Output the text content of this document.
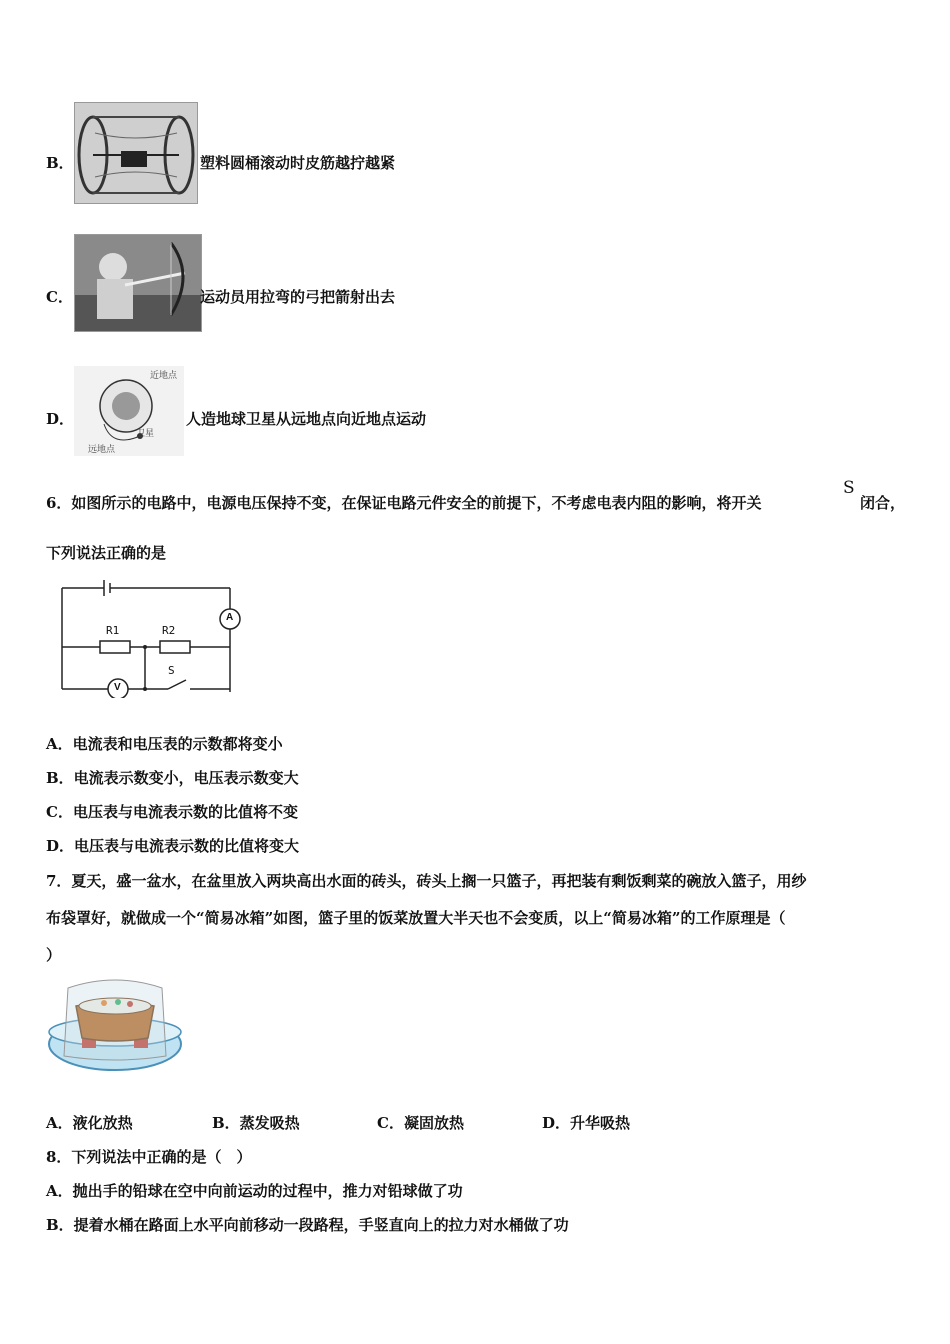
B．	塑料圆桶滚动时皮筋越拧越紧
C．	运动员用拉弯的弓把箭射出去
D．
近地点
卫星
远地点
人造地球卫星从远地点向近地点运动
6．如图所示的电路中，电源电压保持不变，在保证电路元件安全的前提下，不考虑电表内阻的影响，将开关
S
闭合，
下列说法正确的是
A
V
R1	R2
S
A．电流表和电压表的示数都将变小
B．电流表示数变小，电压表示数变大
C．电压表与电流表示数的比值将不变
D．电压表与电流表示数的比值将变大
7．夏天，盛一盆水，在盆里放入两块高出水面的砖头，砖头上搁一只篮子，再把装有剩饭剩菜的碗放入篮子，用纱
布袋罩好，就做成一个“简易冰箱”如图，篮子里的饭菜放置大半天也不会变质，以上“简易冰箱”的工作原理是（
）
A．液化放热	B．蒸发吸热	C．凝固放热	D．升华吸热
8．下列说法中正确的是（　）
A．抛出手的铅球在空中向前运动的过程中，推力对铅球做了功
B．提着水桶在路面上水平向前移动一段路程，手竖直向上的拉力对水桶做了功
